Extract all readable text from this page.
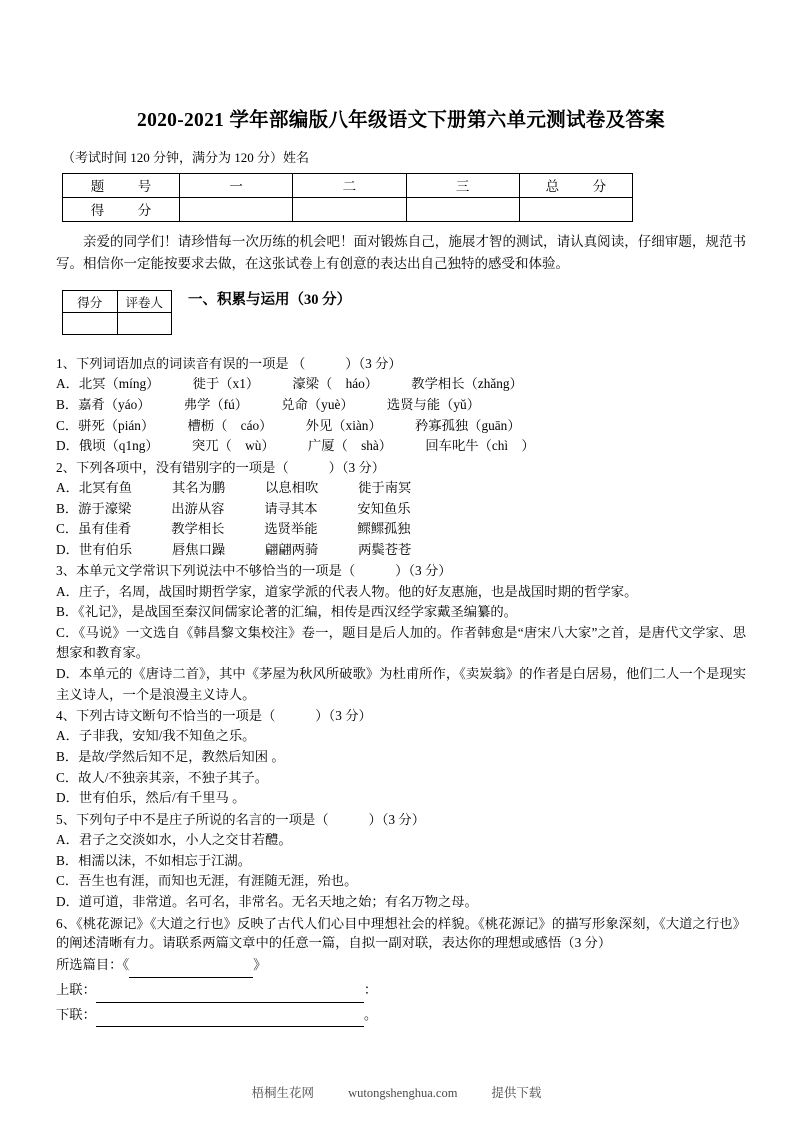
2020-2021 学年部编版八年级语文下册第六单元测试卷及答案
（考试时间 120 分钟，满分为 120 分）姓名
题　号	一	二	三	总　分
得　分				

亲爱的同学们！请珍惜每一次历练的机会吧！面对锻炼自己，施展才智的测试，请认真阅读，仔细审题，规范书写。相信你一定能按要求去做，在这张试卷上有创意的表达出自己独特的感受和体验。

得分	评卷人
	一、积累与运用（30 分）
1、下列词语加点的词读音有误的一项是 （　　　）（3 分）
A．北冥（míng）　　　徙于（x1）　　　濠梁（　háo）　　　教学相长（zhǎng）
B．嘉肴（yáo）　　　弗学（fú）　　　兑命（yuè）　　　选贤与能（yǔ）
C．骈死（pián）　　　槽枥（　cáo）　　　外见（xiàn）　　　矜寡孤独（guān）
D．俄顷（q1ng）　　　突兀（　wù）　　　广厦（　shà）　　　回车叱牛（chì　）
2、下列各项中，没有错别字的一项是（　　　）（3 分）
A．北冥有鱼　　　其名为鹏　　　以息相吹　　　徙于南冥
B．游于濠梁　　　出游从容　　　请寻其本　　　安知鱼乐
C．虽有佳肴　　　教学相长　　　选贤举能　　　鳏鳏孤独
D．世有伯乐　　　唇焦口躁　　　翩翩两骑　　　两鬓苍苍
3、本单元文学常识下列说法中不够恰当的一项是（　　　）（3 分）
A．庄子，名周，战国时期哲学家，道家学派的代表人物。他的好友惠施，也是战国时期的哲学家。
B．《礼记》，是战国至秦汉间儒家论著的汇编，相传是西汉经学家戴圣编纂的。
C．《马说》一文选自《韩昌黎文集校注》卷一，题目是后人加的。作者韩愈是“唐宋八大家”之首，是唐代文学家、思想家和教育家。
D．本单元的《唐诗二首》，其中《茅屋为秋风所破歌》为杜甫所作，《卖炭翁》的作者是白居易，他们二人一个是现实主义诗人，一个是浪漫主义诗人。
4、下列古诗文断句不恰当的一项是（　　　）（3 分）
A．子非我，安知/我不知鱼之乐。
B．是故/学然后知不足，教然后知困 。
C．故人/不独亲其亲，不独子其子。
D．世有伯乐，然后/有千里马 。
5、下列句子中不是庄子所说的名言的一项是（　　　）（3 分）
A．君子之交淡如水，小人之交甘若醴。
B．相濡以沫，不如相忘于江湖。
C．吾生也有涯，而知也无涯，有涯随无涯，殆也。
D．道可道，非常道。名可名，非常名。无名天地之始；有名万物之母。
6、《桃花源记》《大道之行也》反映了古代人们心目中理想社会的样貌。《桃花源记》的描写形象深刻，《大道之行也》的阐述清晰有力。请联系两篇文章中的任意一篇，自拟一副对联，表达你的理想或感悟（3 分）
所选篇目：《	》
上联：	：
下联：	。
梧桐生花网	wutongshenghua.com	提供下载
